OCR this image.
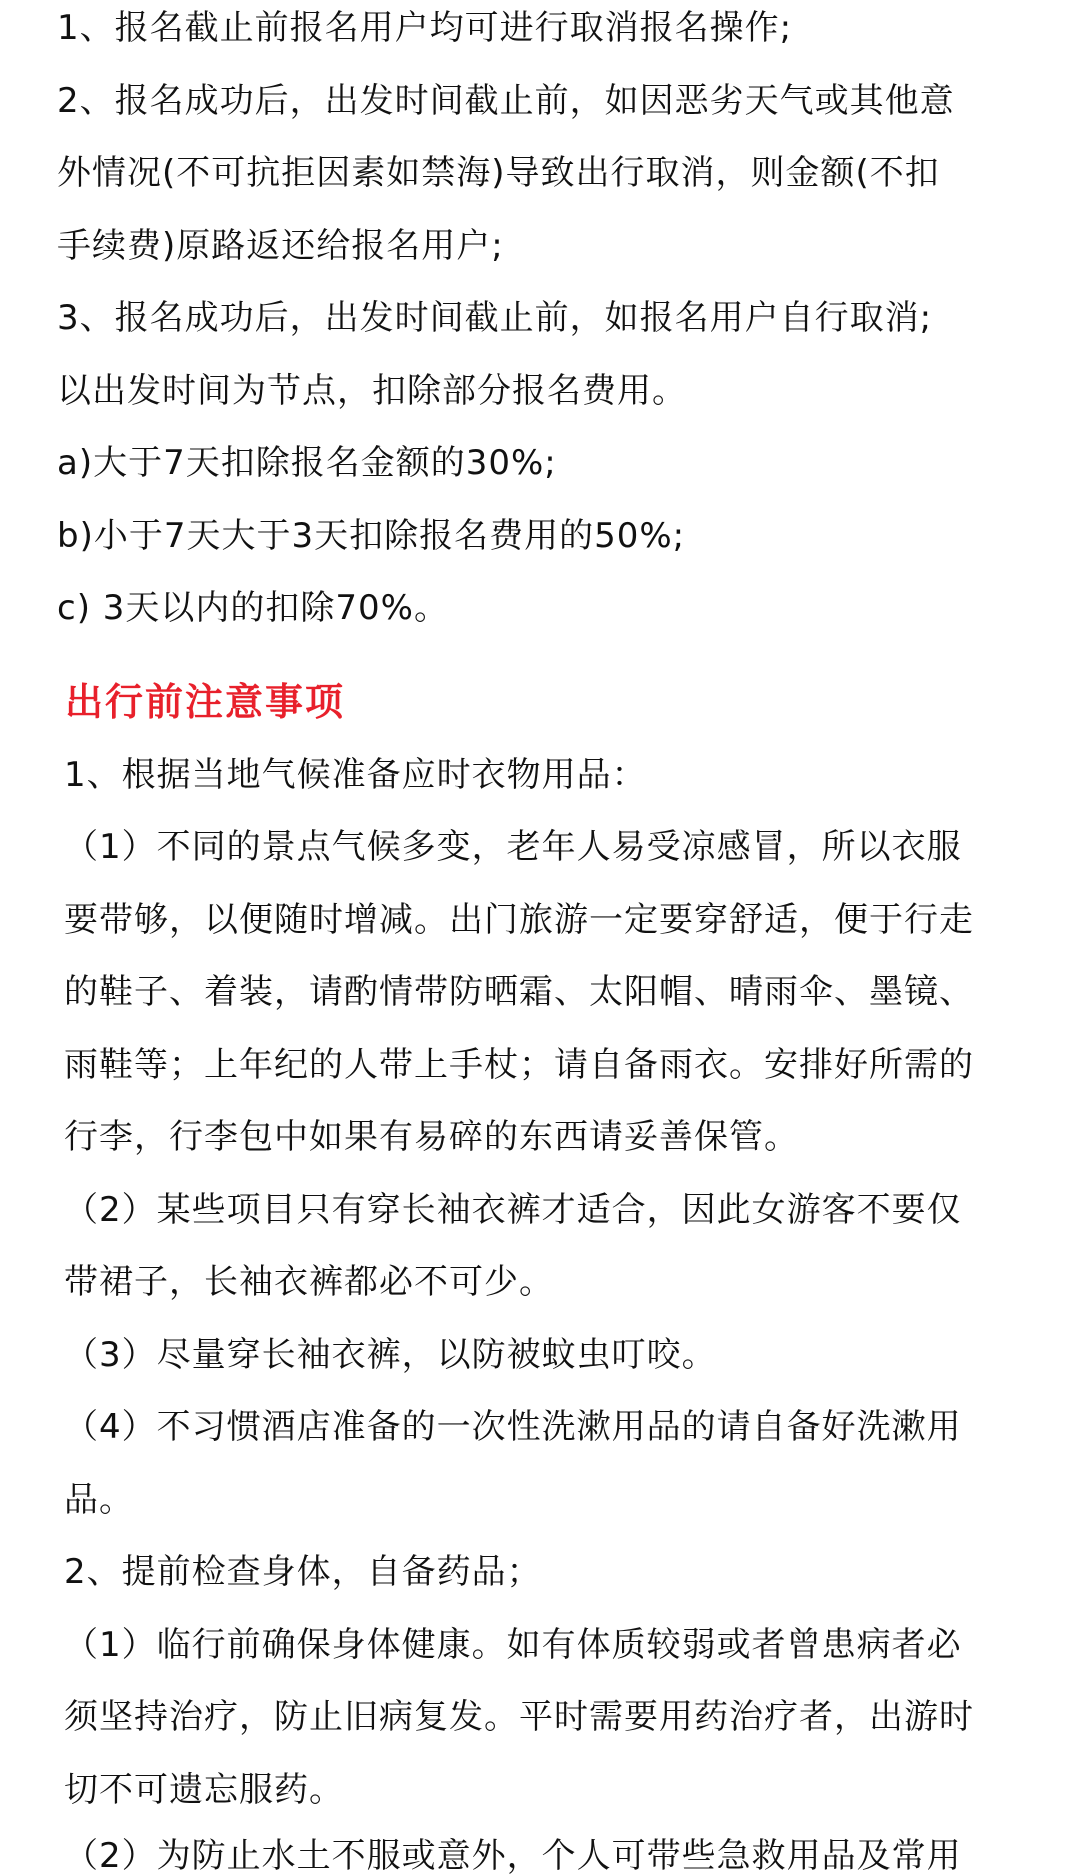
1、报名截止前报名用户均可进行取消报名操作;
2、报名成功后，出发时间截止前，如因恶劣天气或其他意
外情况(不可抗拒因素如禁海)导致出行取消，则金额(不扣
手续费)原路返还给报名用户;
3、报名成功后，出发时间截止前，如报名用户自行取消;
以出发时间为节点，扣除部分报名费用。
a)大于7天扣除报名金额的30%;
b)小于7天大于3天扣除报名费用的50%;
c) 3天以内的扣除70%。
出行前注意事项
1、根据当地气候准备应时衣物用品：
（1）不同的景点气候多变，老年人易受凉感冒，所以衣服
要带够，以便随时增减。出门旅游一定要穿舒适，便于行走
的鞋子、着装，请酌情带防晒霜、太阳帽、晴雨伞、墨镜、
雨鞋等；上年纪的人带上手杖；请自备雨衣。安排好所需的
行李，行李包中如果有易碎的东西请妥善保管。
（2）某些项目只有穿长袖衣裤才适合，因此女游客不要仅
带裙子，长袖衣裤都必不可少。
（3）尽量穿长袖衣裤，以防被蚊虫叮咬。
（4）不习惯酒店准备的一次性洗漱用品的请自备好洗漱用
品。
2、提前检查身体，自备药品；
（1）临行前确保身体健康。如有体质较弱或者曾患病者必
须坚持治疗，防止旧病复发。平时需要用药治疗者，出游时
切不可遗忘服药。
（2）为防止水土不服或意外，个人可带些急救用品及常用
